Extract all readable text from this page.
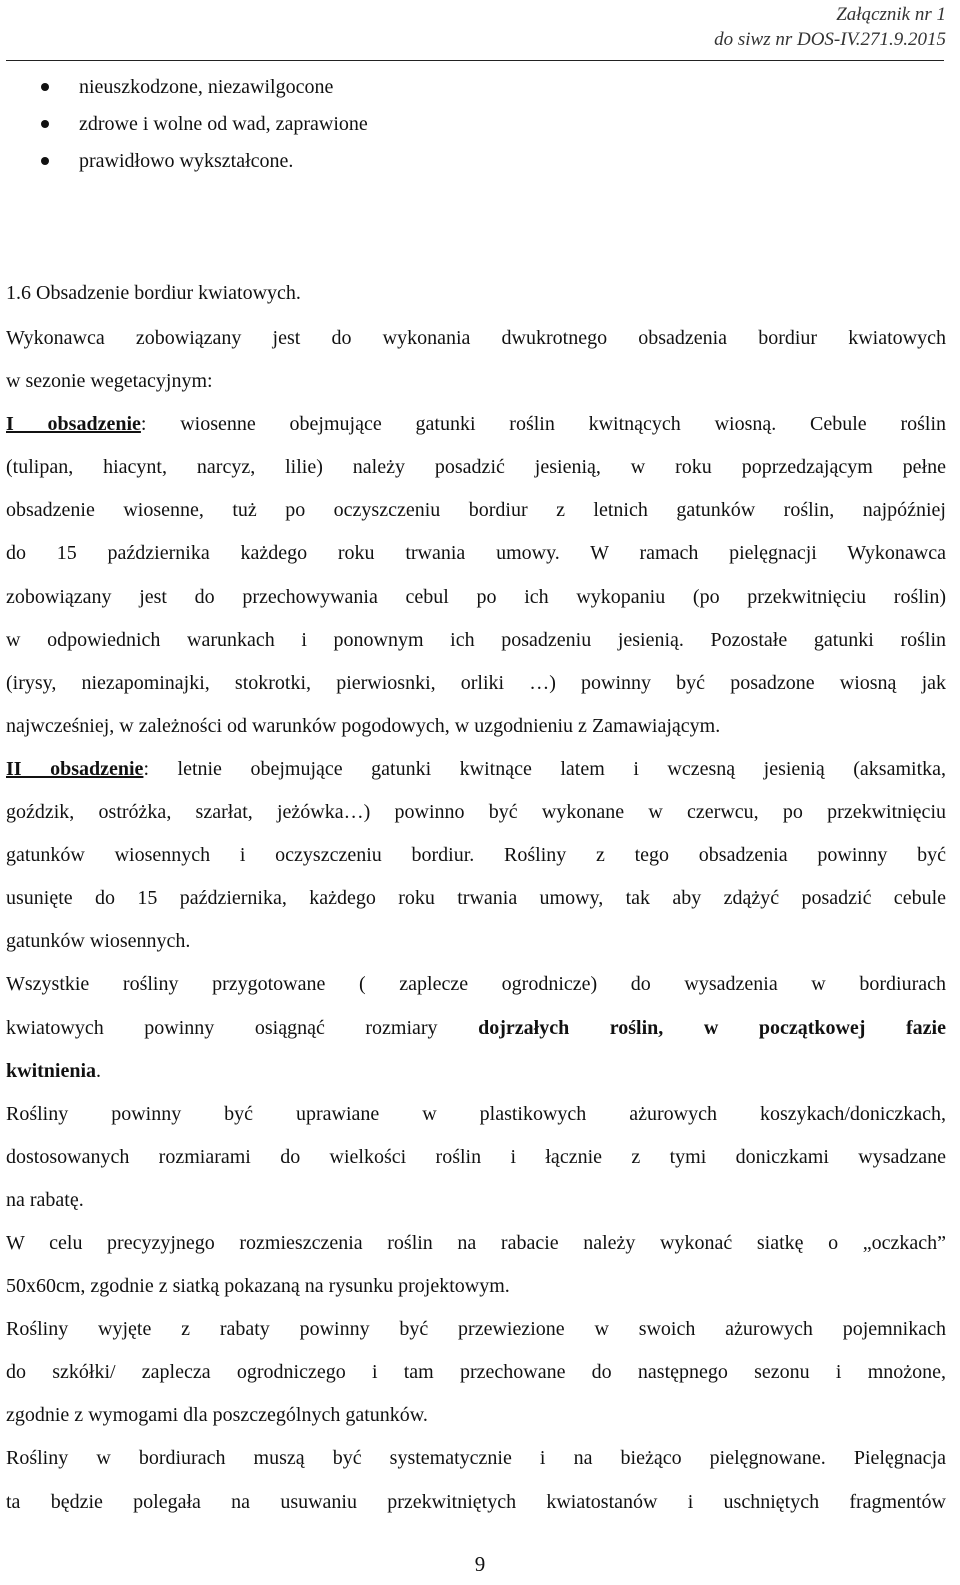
Załącznik nr 1
do siwz nr DOS-IV.271.9.2015
nieuszkodzone, niezawilgocone
zdrowe i wolne od wad, zaprawione
prawidłowo wykształcone.
1.6 Obsadzenie bordiur kwiatowych.
Wykonawca zobowiązany jest do wykonania dwukrotnego obsadzenia bordiur kwiatowych
w sezonie wegetacyjnym:
I obsadzenie: wiosenne obejmujące gatunki roślin kwitnących wiosną. Cebule roślin
(tulipan, hiacynt, narcyz, lilie) należy posadzić jesienią, w roku poprzedzającym pełne
obsadzenie wiosenne, tuż po oczyszczeniu bordiur z letnich gatunków roślin, najpóźniej
do 15 października każdego roku trwania umowy. W ramach pielęgnacji Wykonawca
zobowiązany jest do przechowywania cebul po ich wykopaniu (po przekwitnięciu roślin)
w odpowiednich warunkach i ponownym ich posadzeniu jesienią. Pozostałe gatunki roślin
(irysy, niezapominajki, stokrotki, pierwiosnki, orliki …) powinny być posadzone wiosną jak
najwcześniej, w zależności od warunków pogodowych, w uzgodnieniu z Zamawiającym.
II obsadzenie: letnie obejmujące gatunki kwitnące latem i wczesną jesienią (aksamitka,
goździk, ostróżka, szarłat, jeżówka…) powinno być wykonane w czerwcu, po przekwitnięciu
gatunków wiosennych i oczyszczeniu bordiur. Rośliny z tego obsadzenia powinny być
usunięte do 15 października, każdego roku trwania umowy, tak aby zdążyć posadzić cebule
gatunków wiosennych.
Wszystkie rośliny przygotowane ( zaplecze ogrodnicze) do wysadzenia w bordiurach
kwiatowych powinny osiągnąć rozmiary dojrzałych roślin, w początkowej fazie
kwitnienia.
Rośliny powinny być uprawiane w plastikowych ażurowych koszykach/doniczkach,
dostosowanych rozmiarami do wielkości roślin i łącznie z tymi doniczkami wysadzane
na rabatę.
W celu precyzyjnego rozmieszczenia roślin na rabacie należy wykonać siatkę o „oczkach”
50x60cm, zgodnie z siatką pokazaną na rysunku projektowym.
Rośliny wyjęte z rabaty powinny być przewiezione w swoich ażurowych pojemnikach
do szkółki/ zaplecza ogrodniczego i tam przechowane do następnego sezonu i mnożone,
zgodnie z wymogami dla poszczególnych gatunków.
Rośliny w bordiurach muszą być systematycznie i na bieżąco pielęgnowane. Pielęgnacja
ta będzie polegała na usuwaniu przekwitniętych kwiatostanów i uschniętych fragmentów
9
